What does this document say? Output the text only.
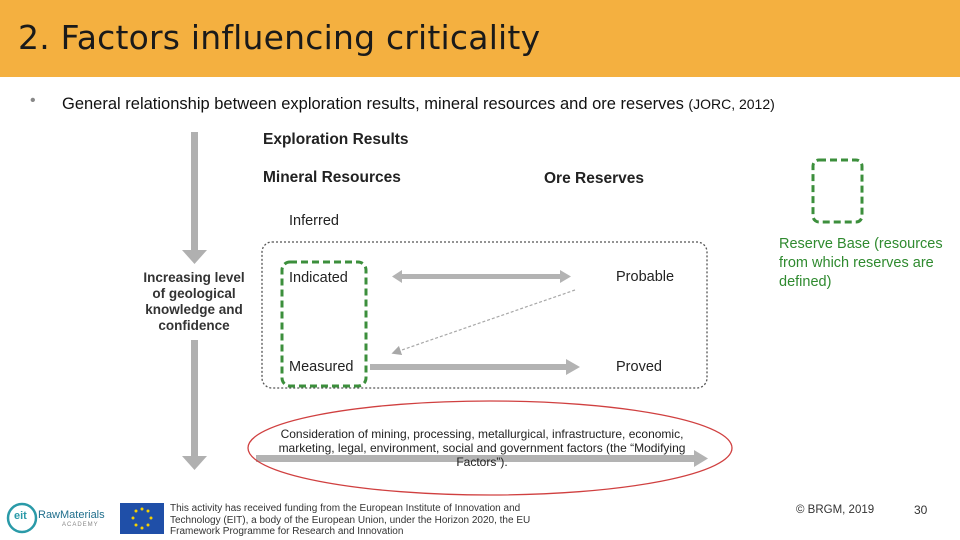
2. Factors influencing criticality
• General relationship between exploration results, mineral resources and ore reserves (JORC, 2012)
Exploration Results
Mineral Resources	Ore Reserves
Inferred
Indicated
Measured
Probable
Proved
Increasing level of geological knowledge and confidence
Consideration of mining, processing, metallurgical, infrastructure, economic, marketing, legal, environment, social and government factors (the “Modifying Factors”).
Reserve Base (resources from which reserves are defined)
eit RawMaterials
ACADEMY
This activity has received funding from the European Institute of Innovation and Technology (EIT), a body of the European Union, under the Horizon 2020, the EU Framework Programme for Research and Innovation
© BRGM, 2019	30
